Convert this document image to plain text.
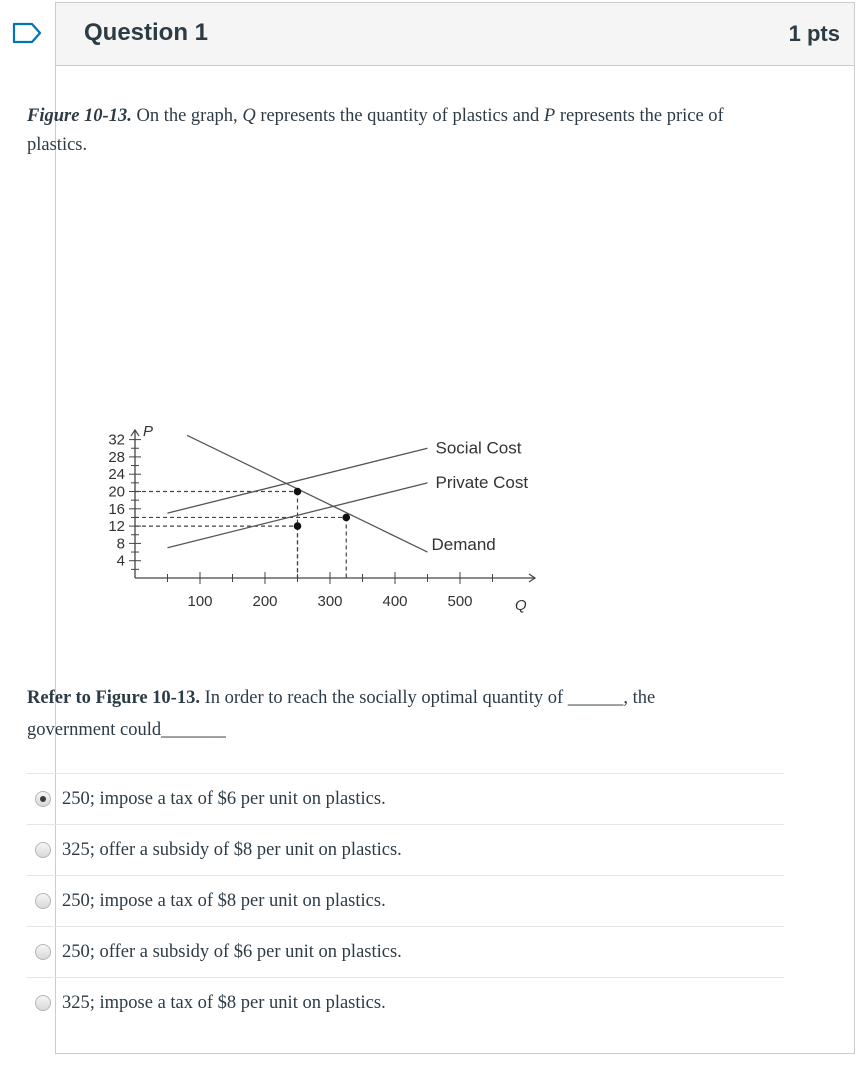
Question 1	1 pts
Figure 10-13. On the graph, Q represents the quantity of plastics and P represents the price of plastics.
P
Q
4
8
12
16
20
24
28
32
100	200	300	400	500
Social Cost
Private Cost
Demand
Refer to Figure 10-13. In order to reach the socially optimal quantity of ______, the government could_______
250; impose a tax of $6 per unit on plastics.
325; offer a subsidy of $8 per unit on plastics.
250; impose a tax of $8 per unit on plastics.
250; offer a subsidy of $6 per unit on plastics.
325; impose a tax of $8 per unit on plastics.
